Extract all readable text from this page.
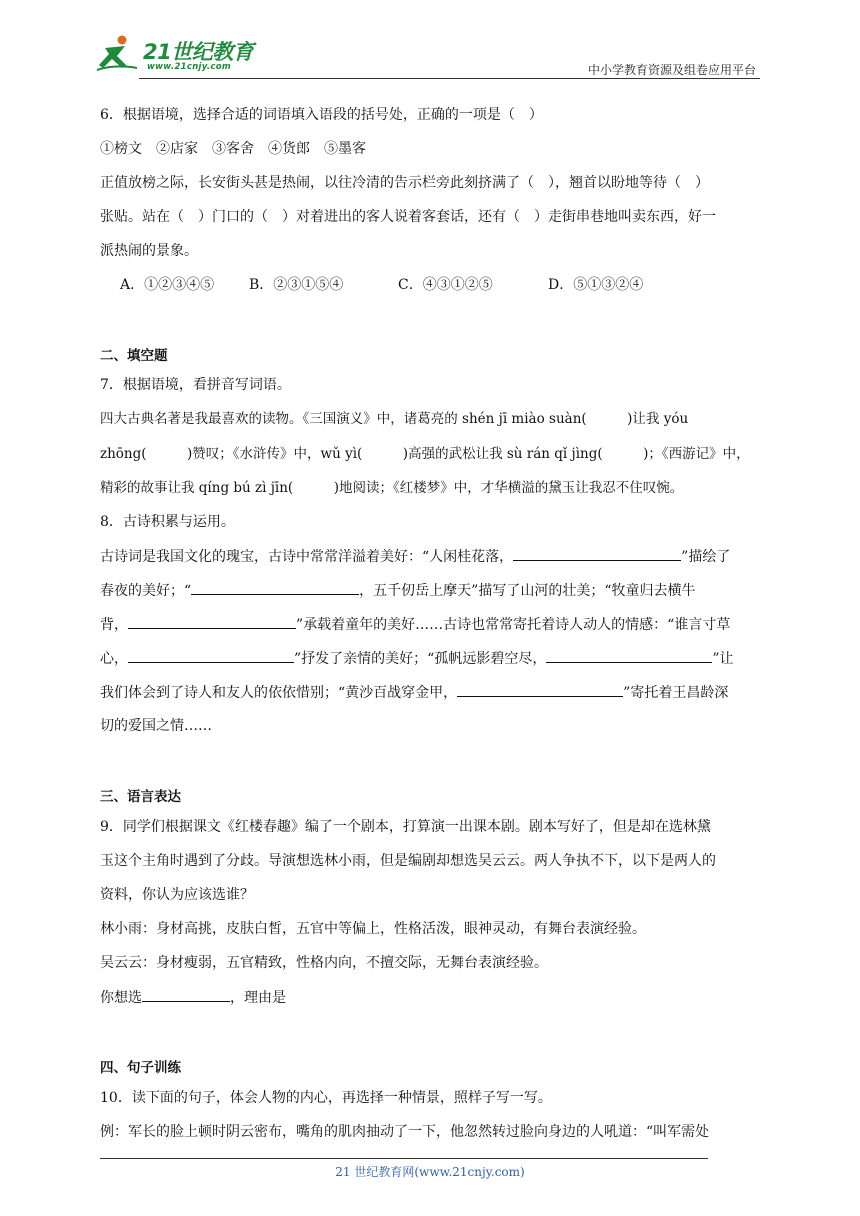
21世纪教育
www.21cnjy.com	中小学教育资源及组卷应用平台
6．根据语境，选择合适的词语填入语段的括号处，正确的一项是（　）
①榜文　②店家　③客舍　④货郎　⑤墨客
正值放榜之际，长安街头甚是热闹，以往冷清的告示栏旁此刻挤满了（　），翘首以盼地等待（　）
张贴。站在（　）门口的（　）对着进出的客人说着客套话，还有（　）走街串巷地叫卖东西，好一
派热闹的景象。
A．①②③④⑤ B．②③①⑤④	C．④③①②⑤	D．⑤①③②④
二、填空题
7．根据语境，看拼音写词语。
四大古典名著是我最喜欢的读物。《三国演义》中，诸葛亮的 shén jī miào suàn(　　　)让我 yóu
zhōng(　　　)赞叹；《水浒传》中，wǔ yì(　　　)高强的武松让我 sù rán qǐ jìng(　　　)；《西游记》中，
精彩的故事让我 qíng bú zì jīn(　　　)地阅读；《红楼梦》中，才华横溢的黛玉让我忍不住叹惋。
8．古诗积累与运用。
古诗词是我国文化的瑰宝，古诗中常常洋溢着美好：“人闲桂花落，	”描绘了
春夜的美好；“	，五千仞岳上摩天”描写了山河的壮美；“牧童归去横牛
背，	”承载着童年的美好……古诗也常常寄托着诗人动人的情感：“谁言寸草
心，	”抒发了亲情的美好；“孤帆远影碧空尽，	”让
我们体会到了诗人和友人的依依惜别；“黄沙百战穿金甲，	”寄托着王昌龄深
切的爱国之情……
三、语言表达
9．同学们根据课文《红楼春趣》编了一个剧本，打算演一出课本剧。剧本写好了，但是却在选林黛
玉这个主角时遇到了分歧。导演想选林小雨，但是编剧却想选吴云云。两人争执不下，以下是两人的
资料，你认为应该选谁？
林小雨：身材高挑，皮肤白皙，五官中等偏上，性格活泼，眼神灵动，有舞台表演经验。
吴云云：身材瘦弱，五官精致，性格内向，不擅交际，无舞台表演经验。
你想选	，理由是
四、句子训练
10．读下面的句子，体会人物的内心，再选择一种情景，照样子写一写。
例：军长的脸上顿时阴云密布，嘴角的肌肉抽动了一下，他忽然转过脸向身边的人吼道：“叫军需处
21 世纪教育网(www.21cnjy.com)
